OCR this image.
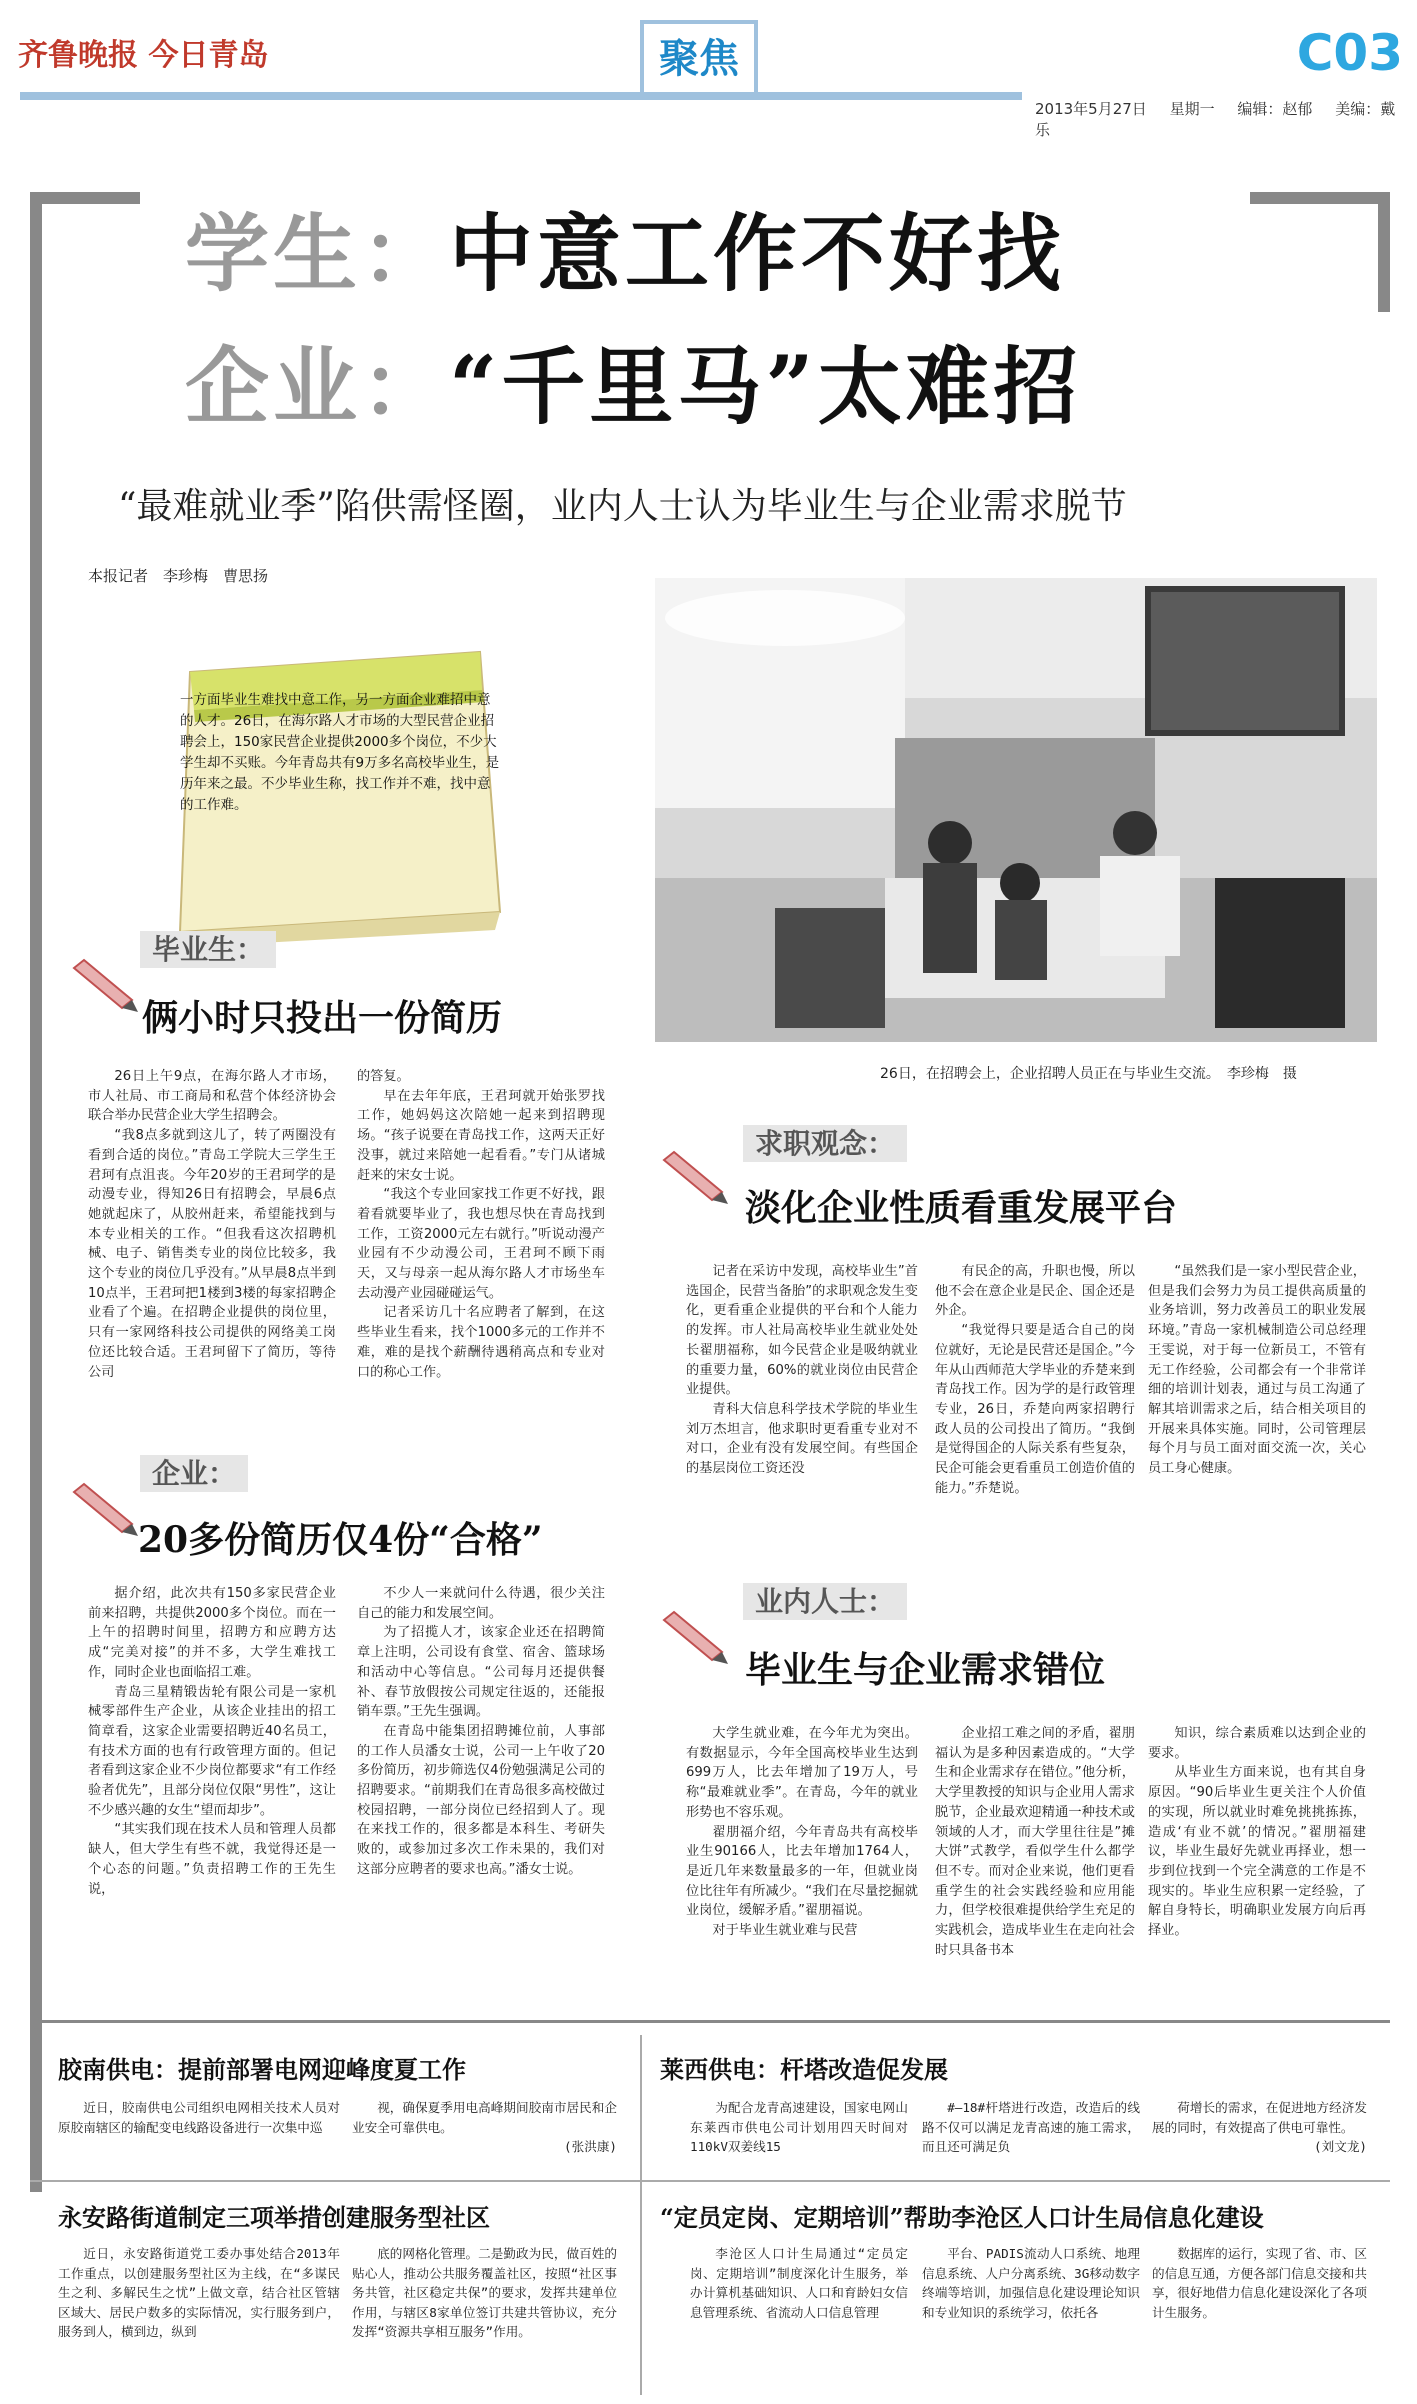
齐鲁晚报 今日青岛	聚焦	C03
2013年5月27日 星期一 编辑：赵郁 美编：戴乐
学生：中意工作不好找
企业：“千里马”太难招
“最难就业季”陷供需怪圈，业内人士认为毕业生与企业需求脱节
本报记者　李珍梅　曹思扬
一方面毕业生难找中意工作，另一方面企业难招中意的人才。26日，在海尔路人才市场的大型民营企业招聘会上，150家民营企业提供2000多个岗位，不少大学生却不买账。今年青岛共有9万多名高校毕业生，是历年来之最。不少毕业生称，找工作并不难，找中意的工作难。
26日，在招聘会上，企业招聘人员正在与毕业生交流。　李珍梅　摄
毕业生：
俩小时只投出一份简历

26日上午9点，在海尔路人才市场，市人社局、市工商局和私营个体经济协会联合举办民营企业大学生招聘会。

“我8点多就到这儿了，转了两圈没有看到合适的岗位。”青岛工学院大三学生王君珂有点沮丧。今年20岁的王君珂学的是动漫专业，得知26日有招聘会，早晨6点她就起床了，从胶州赶来，希望能找到与本专业相关的工作。“但我看这次招聘机械、电子、销售类专业的岗位比较多，我这个专业的岗位几乎没有。”从早晨8点半到10点半，王君珂把1楼到3楼的每家招聘企业看了个遍。在招聘企业提供的岗位里，只有一家网络科技公司提供的网络美工岗位还比较合适。王君珂留下了简历，等待公司

的答复。

早在去年年底，王君珂就开始张罗找工作，她妈妈这次陪她一起来到招聘现场。“孩子说要在青岛找工作，这两天正好没事，就过来陪她一起看看。”专门从诸城赶来的宋女士说。

“我这个专业回家找工作更不好找，跟着看就要毕业了，我也想尽快在青岛找到工作，工资2000元左右就行。”听说动漫产业园有不少动漫公司，王君珂不顾下雨天，又与母亲一起从海尔路人才市场坐车去动漫产业园碰碰运气。

记者采访几十名应聘者了解到，在这些毕业生看来，找个1000多元的工作并不难，难的是找个薪酬待遇稍高点和专业对口的称心工作。

企业：
20多份简历仅4份“合格”

据介绍，此次共有150多家民营企业前来招聘，共提供2000多个岗位。而在一上午的招聘时间里，招聘方和应聘方达成“完美对接”的并不多，大学生难找工作，同时企业也面临招工难。

青岛三星精锻齿轮有限公司是一家机械零部件生产企业，从该企业挂出的招工简章看，这家企业需要招聘近40名员工，有技术方面的也有行政管理方面的。但记者看到这家企业不少岗位都要求“有工作经验者优先”，且部分岗位仅限“男性”，这让不少感兴趣的女生“望而却步”。

“其实我们现在技术人员和管理人员都缺人，但大学生有些不就，我觉得还是一个心态的问题。”负责招聘工作的王先生说，

不少人一来就问什么待遇，很少关注自己的能力和发展空间。

为了招揽人才，该家企业还在招聘简章上注明，公司设有食堂、宿舍、篮球场和活动中心等信息。“公司每月还提供餐补、春节放假按公司规定往返的，还能报销车票。”王先生强调。

在青岛中能集团招聘摊位前，人事部的工作人员潘女士说，公司一上午收了20多份简历，初步筛选仅4份勉强满足公司的招聘要求。“前期我们在青岛很多高校做过校园招聘，一部分岗位已经招到人了。现在来找工作的，很多都是本科生、考研失败的，或参加过多次工作未果的，我们对这部分应聘者的要求也高。”潘女士说。

求职观念：
淡化企业性质看重发展平台

记者在采访中发现，高校毕业生”首选国企，民营当备胎”的求职观念发生变化，更看重企业提供的平台和个人能力的发挥。市人社局高校毕业生就业处处长翟朋福称，如今民营企业是吸纳就业的重要力量，60%的就业岗位由民营企业提供。

青科大信息科学技术学院的毕业生刘万杰坦言，他求职时更看重专业对不对口，企业有没有发展空间。有些国企的基层岗位工资还没

有民企的高，升职也慢，所以他不会在意企业是民企、国企还是外企。

“我觉得只要是适合自己的岗位就好，无论是民营还是国企。”今年从山西师范大学毕业的乔楚来到青岛找工作。因为学的是行政管理专业，26日，乔楚向两家招聘行政人员的公司投出了简历。“我倒是觉得国企的人际关系有些复杂，民企可能会更看重员工创造价值的能力。”乔楚说。

“虽然我们是一家小型民营企业，但是我们会努力为员工提供高质量的业务培训，努力改善员工的职业发展环境。”青岛一家机械制造公司总经理王雯说，对于每一位新员工，不管有无工作经验，公司都会有一个非常详细的培训计划表，通过与员工沟通了解其培训需求之后，结合相关项目的开展来具体实施。同时，公司管理层每个月与员工面对面交流一次，关心员工身心健康。

业内人士：
毕业生与企业需求错位

大学生就业难，在今年尤为突出。有数据显示，今年全国高校毕业生达到699万人，比去年增加了19万人，号称“最难就业季”。在青岛，今年的就业形势也不容乐观。

翟朋福介绍，今年青岛共有高校毕业生90166人，比去年增加1764人，是近几年来数量最多的一年，但就业岗位比往年有所减少。“我们在尽量挖掘就业岗位，缓解矛盾。”翟朋福说。

对于毕业生就业难与民营

企业招工难之间的矛盾，翟朋福认为是多种因素造成的。“大学生和企业需求存在错位。”他分析，大学里教授的知识与企业用人需求脱节，企业最欢迎精通一种技术或领域的人才，而大学里往往是”摊大饼”式教学，看似学生什么都学但不专。而对企业来说，他们更看重学生的社会实践经验和应用能力，但学校很难提供给学生充足的实践机会，造成毕业生在走向社会时只具备书本

知识，综合素质难以达到企业的要求。

从毕业生方面来说，也有其自身原因。“90后毕业生更关注个人价值的实现，所以就业时难免挑挑拣拣，造成‘有业不就’的情况。”翟朋福建议，毕业生最好先就业再择业，想一步到位找到一个完全满意的工作是不现实的。毕业生应积累一定经验，了解自身特长，明确职业发展方向后再择业。

胶南供电：提前部署电网迎峰度夏工作

近日，胶南供电公司组织电网相关技术人员对原胶南辖区的输配变电线路设备进行一次集中巡

视，确保夏季用电高峰期间胶南市居民和企业安全可靠供电。

(张洪康)
莱西供电：杆塔改造促发展

为配合龙青高速建设，国家电网山东莱西市供电公司计划用四天时间对110kV双姜线15

#—18#杆塔进行改造，改造后的线路不仅可以满足龙青高速的施工需求，而且还可满足负

荷增长的需求，在促进地方经济发展的同时，有效提高了供电可靠性。

(刘文龙)
永安路街道制定三项举措创建服务型社区

近日，永安路街道党工委办事处结合2013年工作重点，以创建服务型社区为主线，在“多谋民生之利、多解民生之忧”上做文章，结合社区管辖区域大、居民户数多的实际情况，实行服务到户，服务到人，横到边，纵到

底的网格化管理。二是勤政为民，做百姓的贴心人，推动公共服务覆盖社区，按照“社区事务共管，社区稳定共保”的要求，发挥共建单位作用，与辖区8家单位签订共建共管协议，充分发挥“资源共享相互服务”作用。

“定员定岗、定期培训”帮助李沧区人口计生局信息化建设

李沧区人口计生局通过“定员定岗、定期培训”制度深化计生服务，举办计算机基础知识、人口和育龄妇女信息管理系统、省流动人口信息管理

平台、PADIS流动人口系统、地理信息系统、人户分离系统、3G移动数字终端等培训，加强信息化建设理论知识和专业知识的系统学习，依托各

数据库的运行，实现了省、市、区的信息互通，方便各部门信息交接和共享，很好地借力信息化建设深化了各项计生服务。
